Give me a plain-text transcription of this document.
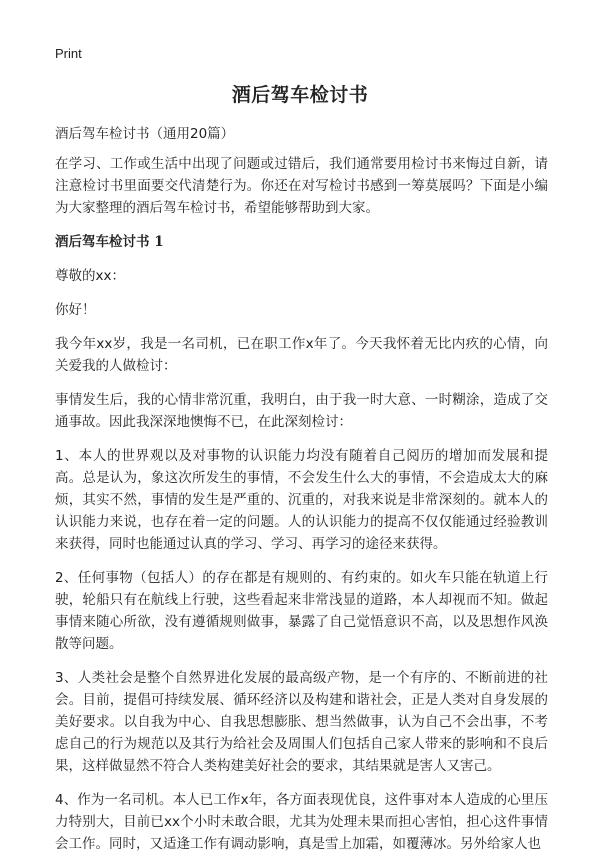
Print
酒后驾车检讨书

酒后驾车检讨书（通用20篇）

在学习、工作或生活中出现了问题或过错后，我们通常要用检讨书来悔过自新，请注意检讨书里面要交代清楚行为。你还在对写检讨书感到一筹莫展吗？下面是小编为大家整理的酒后驾车检讨书，希望能够帮助到大家。

酒后驾车检讨书 1

尊敬的xx：

你好！

我今年xx岁，我是一名司机，已在职工作x年了。今天我怀着无比内疚的心情，向关爱我的人做检讨：

事情发生后，我的心情非常沉重，我明白，由于我一时大意、一时糊涂，造成了交通事故。因此我深深地懊悔不已，在此深刻检讨：

1、本人的世界观以及对事物的认识能力均没有随着自己阅历的增加而发展和提高。总是认为，象这次所发生的事情，不会发生什么大的事情，不会造成太大的麻烦，其实不然，事情的发生是严重的、沉重的，对我来说是非常深刻的。就本人的认识能力来说，也存在着一定的问题。人的认识能力的提高不仅仅能通过经验教训来获得，同时也能通过认真的学习、学习、再学习的途径来获得。

2、任何事物（包括人）的存在都是有规则的、有约束的。如火车只能在轨道上行驶，轮船只有在航线上行驶，这些看起来非常浅显的道路，本人却视而不知。做起事情来随心所欲，没有遵循规则做事，暴露了自己觉悟意识不高，以及思想作风涣散等问题。

3、人类社会是整个自然界进化发展的最高级产物，是一个有序的、不断前进的社会。目前，提倡可持续发展、循环经济以及构建和谐社会，正是人类对自身发展的美好要求。以自我为中心、自我思想膨胀、想当然做事，认为自己不会出事，不考虑自己的行为规范以及其行为给社会及周围人们包括自己家人带来的影响和不良后果，这样做显然不符合人类构建美好社会的要求，其结果就是害人又害己。

4、作为一名司机。本人已工作x年，各方面表现优良，这件事对本人造成的心里压力特别大，目前已xx个小时未敢合眼，尤其为处理未果而担心害怕，担心这件事情会工作。同时，又适逢工作有调动影响，真是雪上加霜，如覆薄冰。另外给家人也
